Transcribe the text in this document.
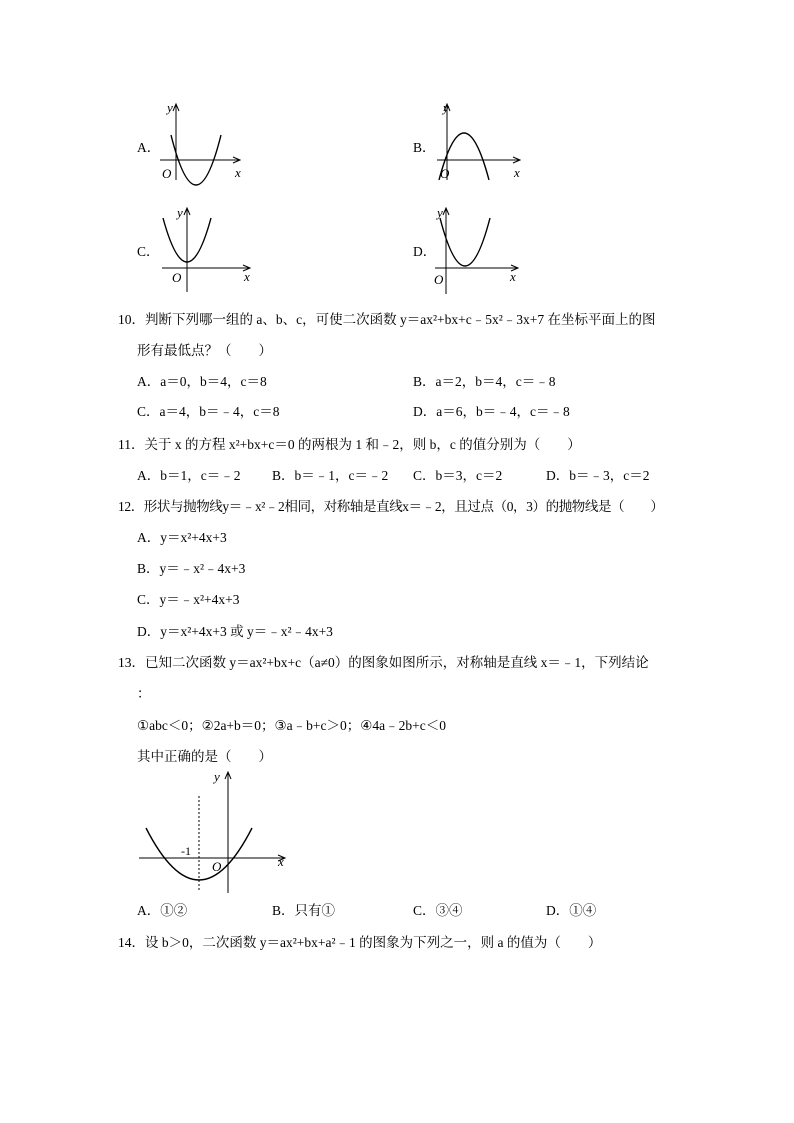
A．	B．
C．	D．
10．判断下列哪一组的 a、b、c，可使二次函数 y＝ax²+bx+c﹣5x²﹣3x+7 在坐标平面上的图
形有最低点？（　　）
A．a＝0，b＝4，c＝8	B．a＝2，b＝4，c＝﹣8
C．a＝4，b＝﹣4，c＝8	D．a＝6，b＝﹣4，c＝﹣8
11．关于 x 的方程 x²+bx+c＝0 的两根为 1 和﹣2，则 b，c 的值分别为（　　）
A．b＝1，c＝﹣2 B．b＝﹣1，c＝﹣2 C．b＝3，c＝2	D．b＝﹣3，c＝2
12．形状与抛物线y＝﹣x²﹣2相同，对称轴是直线x＝﹣2，且过点（0，3）的抛物线是（　　）
A．y＝x²+4x+3
B．y＝﹣x²﹣4x+3
C．y＝﹣x²+4x+3
D．y＝x²+4x+3 或 y＝﹣x²﹣4x+3
13．已知二次函数 y＝ax²+bx+c（a≠0）的图象如图所示，对称轴是直线 x＝﹣1，下列结论
：
①abc＜0；②2a+b＝0；③a﹣b+c＞0；④4a﹣2b+c＜0
其中正确的是（　　）
A．①②	B．只有①	C．③④	D．①④
14．设 b＞0，二次函数 y＝ax²+bx+a²﹣1 的图象为下列之一，则 a 的值为（　　）
y
x
O
y
x
O
y
x
O
y
x
O
y
x
O
-1
